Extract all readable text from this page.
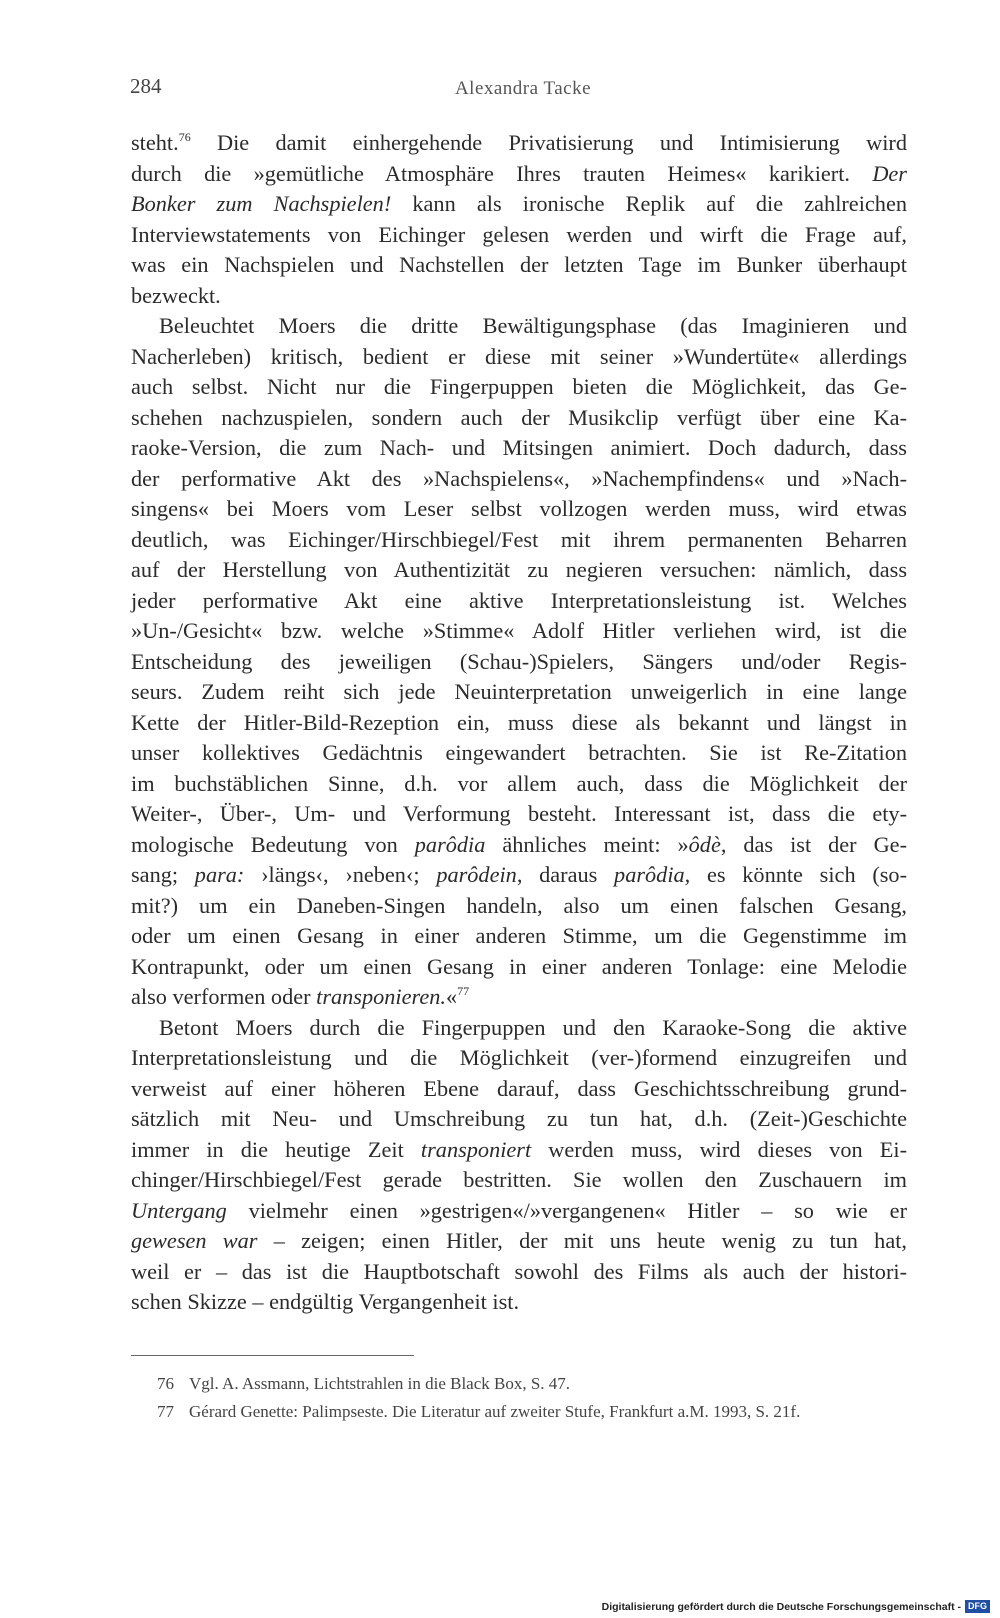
284	Alexandra Tacke
steht.$^{76}$ Die damit einhergehende Privatisierung und Intimisierung wird
durch die »gemütliche Atmosphäre Ihres trauten Heimes« karikiert. Der
Bonker zum Nachspielen! kann als ironische Replik auf die zahlreichen
Interviewstatements von Eichinger gelesen werden und wirft die Frage auf,
was ein Nachspielen und Nachstellen der letzten Tage im Bunker überhaupt
bezweckt.
Beleuchtet Moers die dritte Bewältigungsphase (das Imaginieren und
Nacherleben) kritisch, bedient er diese mit seiner »Wundertüte« allerdings
auch selbst. Nicht nur die Fingerpuppen bieten die Möglichkeit, das Ge-
schehen nachzuspielen, sondern auch der Musikclip verfügt über eine Ka-
raoke-Version, die zum Nach- und Mitsingen animiert. Doch dadurch, dass
der performative Akt des »Nachspielens«, »Nachempfindens« und »Nach-
singens« bei Moers vom Leser selbst vollzogen werden muss, wird etwas
deutlich, was Eichinger/Hirschbiegel/Fest mit ihrem permanenten Beharren
auf der Herstellung von Authentizität zu negieren versuchen: nämlich, dass
jeder performative Akt eine aktive Interpretationsleistung ist. Welches
»Un-/Gesicht« bzw. welche »Stimme« Adolf Hitler verliehen wird, ist die
Entscheidung des jeweiligen (Schau-)Spielers, Sängers und/oder Regis-
seurs. Zudem reiht sich jede Neuinterpretation unweigerlich in eine lange
Kette der Hitler-Bild-Rezeption ein, muss diese als bekannt und längst in
unser kollektives Gedächtnis eingewandert betrachten. Sie ist Re-Zitation
im buchstäblichen Sinne, d.h. vor allem auch, dass die Möglichkeit der
Weiter-, Über-, Um- und Verformung besteht. Interessant ist, dass die ety-
mologische Bedeutung von parôdia ähnliches meint: »ôdè, das ist der Ge-
sang; para: ›längs‹, ›neben‹; parôdein, daraus parôdia, es könnte sich (so-
mit?) um ein Daneben-Singen handeln, also um einen falschen Gesang,
oder um einen Gesang in einer anderen Stimme, um die Gegenstimme im
Kontrapunkt, oder um einen Gesang in einer anderen Tonlage: eine Melodie
also verformen oder transponieren.«$^{77}$
Betont Moers durch die Fingerpuppen und den Karaoke-Song die aktive
Interpretationsleistung und die Möglichkeit (ver-)formend einzugreifen und
verweist auf einer höheren Ebene darauf, dass Geschichtsschreibung grund-
sätzlich mit Neu- und Umschreibung zu tun hat, d.h. (Zeit-)Geschichte
immer in die heutige Zeit transponiert werden muss, wird dieses von Ei-
chinger/Hirschbiegel/Fest gerade bestritten. Sie wollen den Zuschauern im
Untergang vielmehr einen »gestrigen«/»vergangenen« Hitler – so wie er
gewesen war – zeigen; einen Hitler, der mit uns heute wenig zu tun hat,
weil er – das ist die Hauptbotschaft sowohl des Films als auch der histori-
schen Skizze – endgültig Vergangenheit ist.
76 Vgl. A. Assmann, Lichtstrahlen in die Black Box, S. 47.
77 Gérard Genette: Palimpseste. Die Literatur auf zweiter Stufe, Frankfurt a.M. 1993, S. 21f.
Digitalisierung gefördert durch die Deutsche Forschungsgemeinschaft - DFG
